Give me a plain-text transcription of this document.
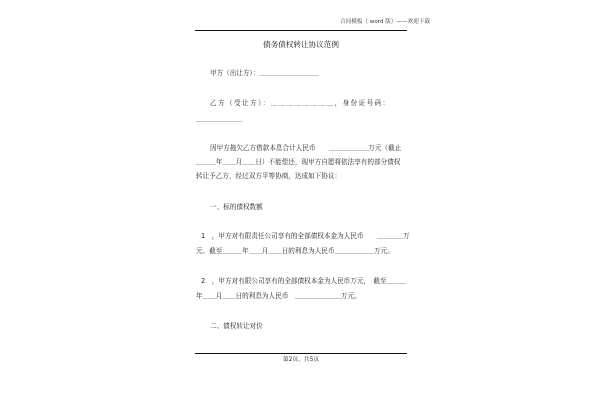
合同模板（ word 版）——欢迎下载
债务债权转让协议范例
甲方（出让方）：＿＿＿＿＿＿＿＿＿
乙方（受让方）：＿＿＿＿＿＿＿＿，身份证号码：
＿＿＿＿＿＿＿
因甲方拖欠乙方借款本息合计人民币　　＿＿＿＿＿＿万元（截止
＿＿＿年＿＿月＿＿日）不能偿还，现甲方自愿将依法享有的部分债权
转让予乙方，经过双方平等协商，达成如下协议：
一、标的债权数额
1　，甲方对有限责任公司享有的全部债权本金为人民币　　＿＿＿＿万
元、截至＿＿＿年＿＿月＿＿日的利息为人民币＿＿＿＿＿＿万元。
2　，甲方对有限公司享有的全部债权本金为人民币万元，　截至＿＿＿
年＿＿月＿＿日的利息为人民币　＿＿＿＿＿＿＿万元。
二、债权转让对价
第2页，共5页
